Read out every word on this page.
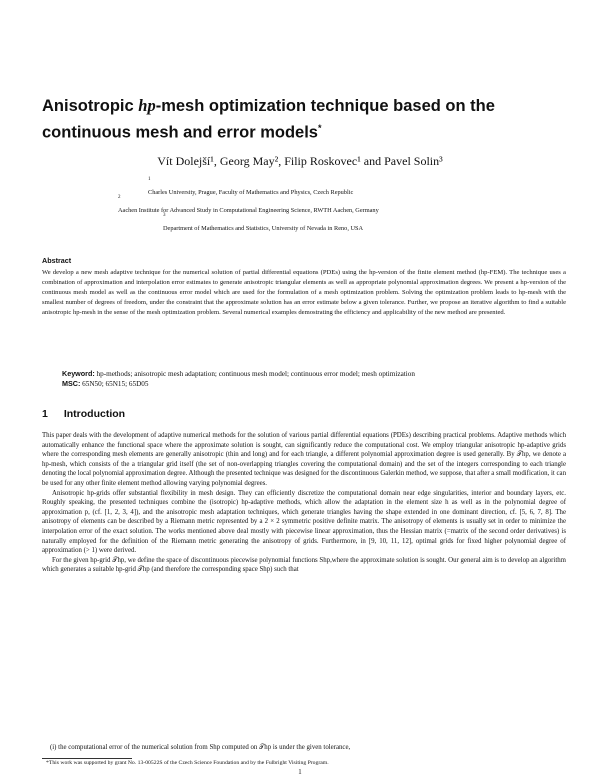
Anisotropic hp-mesh optimization technique based on the
continuous mesh and error models*
Vít Dolejší¹, Georg May², Filip Roskovec¹ and Pavel Solin³
$^1$
Charles University, Prague, Faculty of Mathematics and Physics, Czech Republic
$^2$
Aachen Institute for Advanced Study in Computational Engineering Science, RWTH Aachen, Germany
$^3$
Department of Mathematics and Statistics, University of Nevada in Reno, USA
Abstract
We develop a new mesh adaptive technique for the numerical solution of partial differential equations (PDEs) using the hp-version of the finite element method (hp-FEM). The technique uses a combination of approximation and interpolation error estimates to generate anisotropic triangular elements as well as appropriate polynomial approximation degrees. We present a hp-version of the continuous mesh model as well as the continuous error model which are used for the formulation of a mesh optimization problem. Solving the optimization problem leads to hp-mesh with the smallest number of degrees of freedom, under the constraint that the approximate solution has an error estimate below a given tolerance. Further, we propose an iterative algorithm to find a suitable anisotropic hp-mesh in the sense of the mesh optimization problem. Several numerical examples demostrating the efficiency and applicability of the new method are presented.
Keyword: hp-methods; anisotropic mesh adaptation; continuous mesh model; continuous error model; mesh optimization
MSC: 65N50; 65N15; 65D05
1 Introduction

This paper deals with the development of adaptive numerical methods for the solution of various partial differential equations (PDEs) describing practical problems. Adaptive methods which automatically enhance the functional space where the approximate solution is sought, can significantly reduce the computational cost. We employ triangular anisotropic hp-adaptive grids where the corresponding mesh elements are generally anisotropic (thin and long) and for each triangle, a different polynomial approximation degree is used generally. By 𝒯hp, we denote a hp-mesh, which consists of the a triangular grid itself (the set of non-overlapping triangles covering the computational domain) and the set of the integers corresponding to each triangle denoting the local polynomial approximation degree. Although the presented technique was designed for the discontinuous Galerkin method, we suppose, that after a small modification, it can be used for any other finite element method allowing varying polynomial degrees.

Anisotropic hp-grids offer substantial flexibility in mesh design. They can efficiently discretize the computational domain near edge singularities, interior and boundary layers, etc. Roughly speaking, the presented techniques combine the (isotropic) hp-adaptive methods, which allow the adaptation in the element size h as well as in the polynomial degree of approximation p, (cf. [1, 2, 3, 4]), and the anisotropic mesh adaptation techniques, which generate triangles having the shape extended in one dominant direction, cf. [5, 6, 7, 8]. The anisotropy of elements can be described by a Riemann metric represented by a 2 × 2 symmetric positive definite matrix. The anisotropy of elements is usually set in order to minimize the interpolation error of the exact solution. The works mentioned above deal mostly with piecewise linear approximation, thus the Hessian matrix (=matrix of the second order derivatives) is naturally employed for the definition of the Riemann metric generating the anisotropy of grids. Furthermore, in [9, 10, 11, 12], optimal grids for fixed higher polynomial degree of approximation (> 1) were derived.

For the given hp-grid 𝒯hp, we define the space of discontinuous piecewise polynomial functions Shp,where the approximate solution is sought. Our general aim is to develop an algorithm which generates a suitable hp-grid 𝒯hp (and therefore the corresponding space Shp) such that

(i) the computational error of the numerical solution from Shp computed on 𝒯hp is under the given tolerance,
*This work was supported by grant No. 13-00522S of the Czech Science Foundation and by the Fulbright Visiting Program.
1
